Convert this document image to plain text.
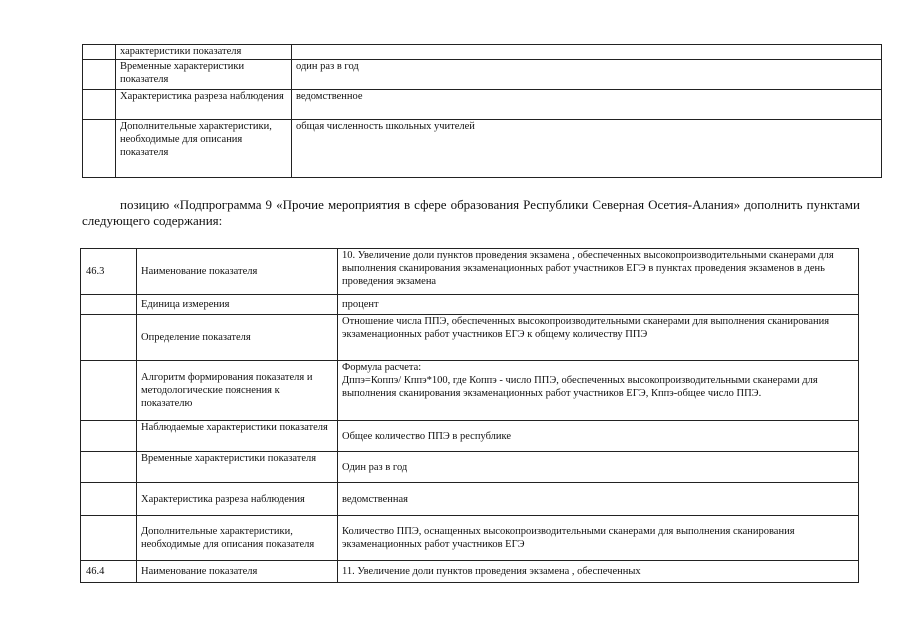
	характеристики показателя	
	Временные характеристики показателя	один раз в год
	Характеристика разреза наблюдения	ведомственное
	Дополнительные характеристики, необходимые для описания показателя	общая численность школьных учителей

позицию «Подпрограмма 9 «Прочие мероприятия в сфере образования Республики Северная Осетия-Алания» дополнить пунктами следующего содержания:

46.3	Наименование показателя	10. Увеличение доли пунктов проведения экзамена , обеспеченных высокопроизводительными сканерами для выполнения сканирования экзаменационных работ участников ЕГЭ в пунктах проведения экзаменов в день проведения экзамена
	Единица измерения	процент
	Определение показателя	Отношение числа ППЭ, обеспеченных высокопроизводительными сканерами для выполнения сканирования экзаменационных работ участников ЕГЭ к общему количеству ППЭ
	Алгоритм формирования показателя и методологические пояснения к показателю	Формула расчета:
Дппэ=Коппэ/ Кппэ*100, где Коппэ - число ППЭ, обеспеченных высокопроизводительными сканерами для выполнения сканирования экзаменационных работ участников ЕГЭ, Кппэ-общее число ППЭ.

	Наблюдаемые характеристики показателя	Общее количество ППЭ в республике
	Временные характеристики показателя	Один раз в год
	Характеристика разреза наблюдения	ведомственная
	Дополнительные характеристики, необходимые для описания показателя	Количество ППЭ, оснащенных высокопроизводительными сканерами для выполнения сканирования экзаменационных работ участников ЕГЭ
46.4	Наименование показателя	11. Увеличение доли пунктов проведения экзамена , обеспеченных
